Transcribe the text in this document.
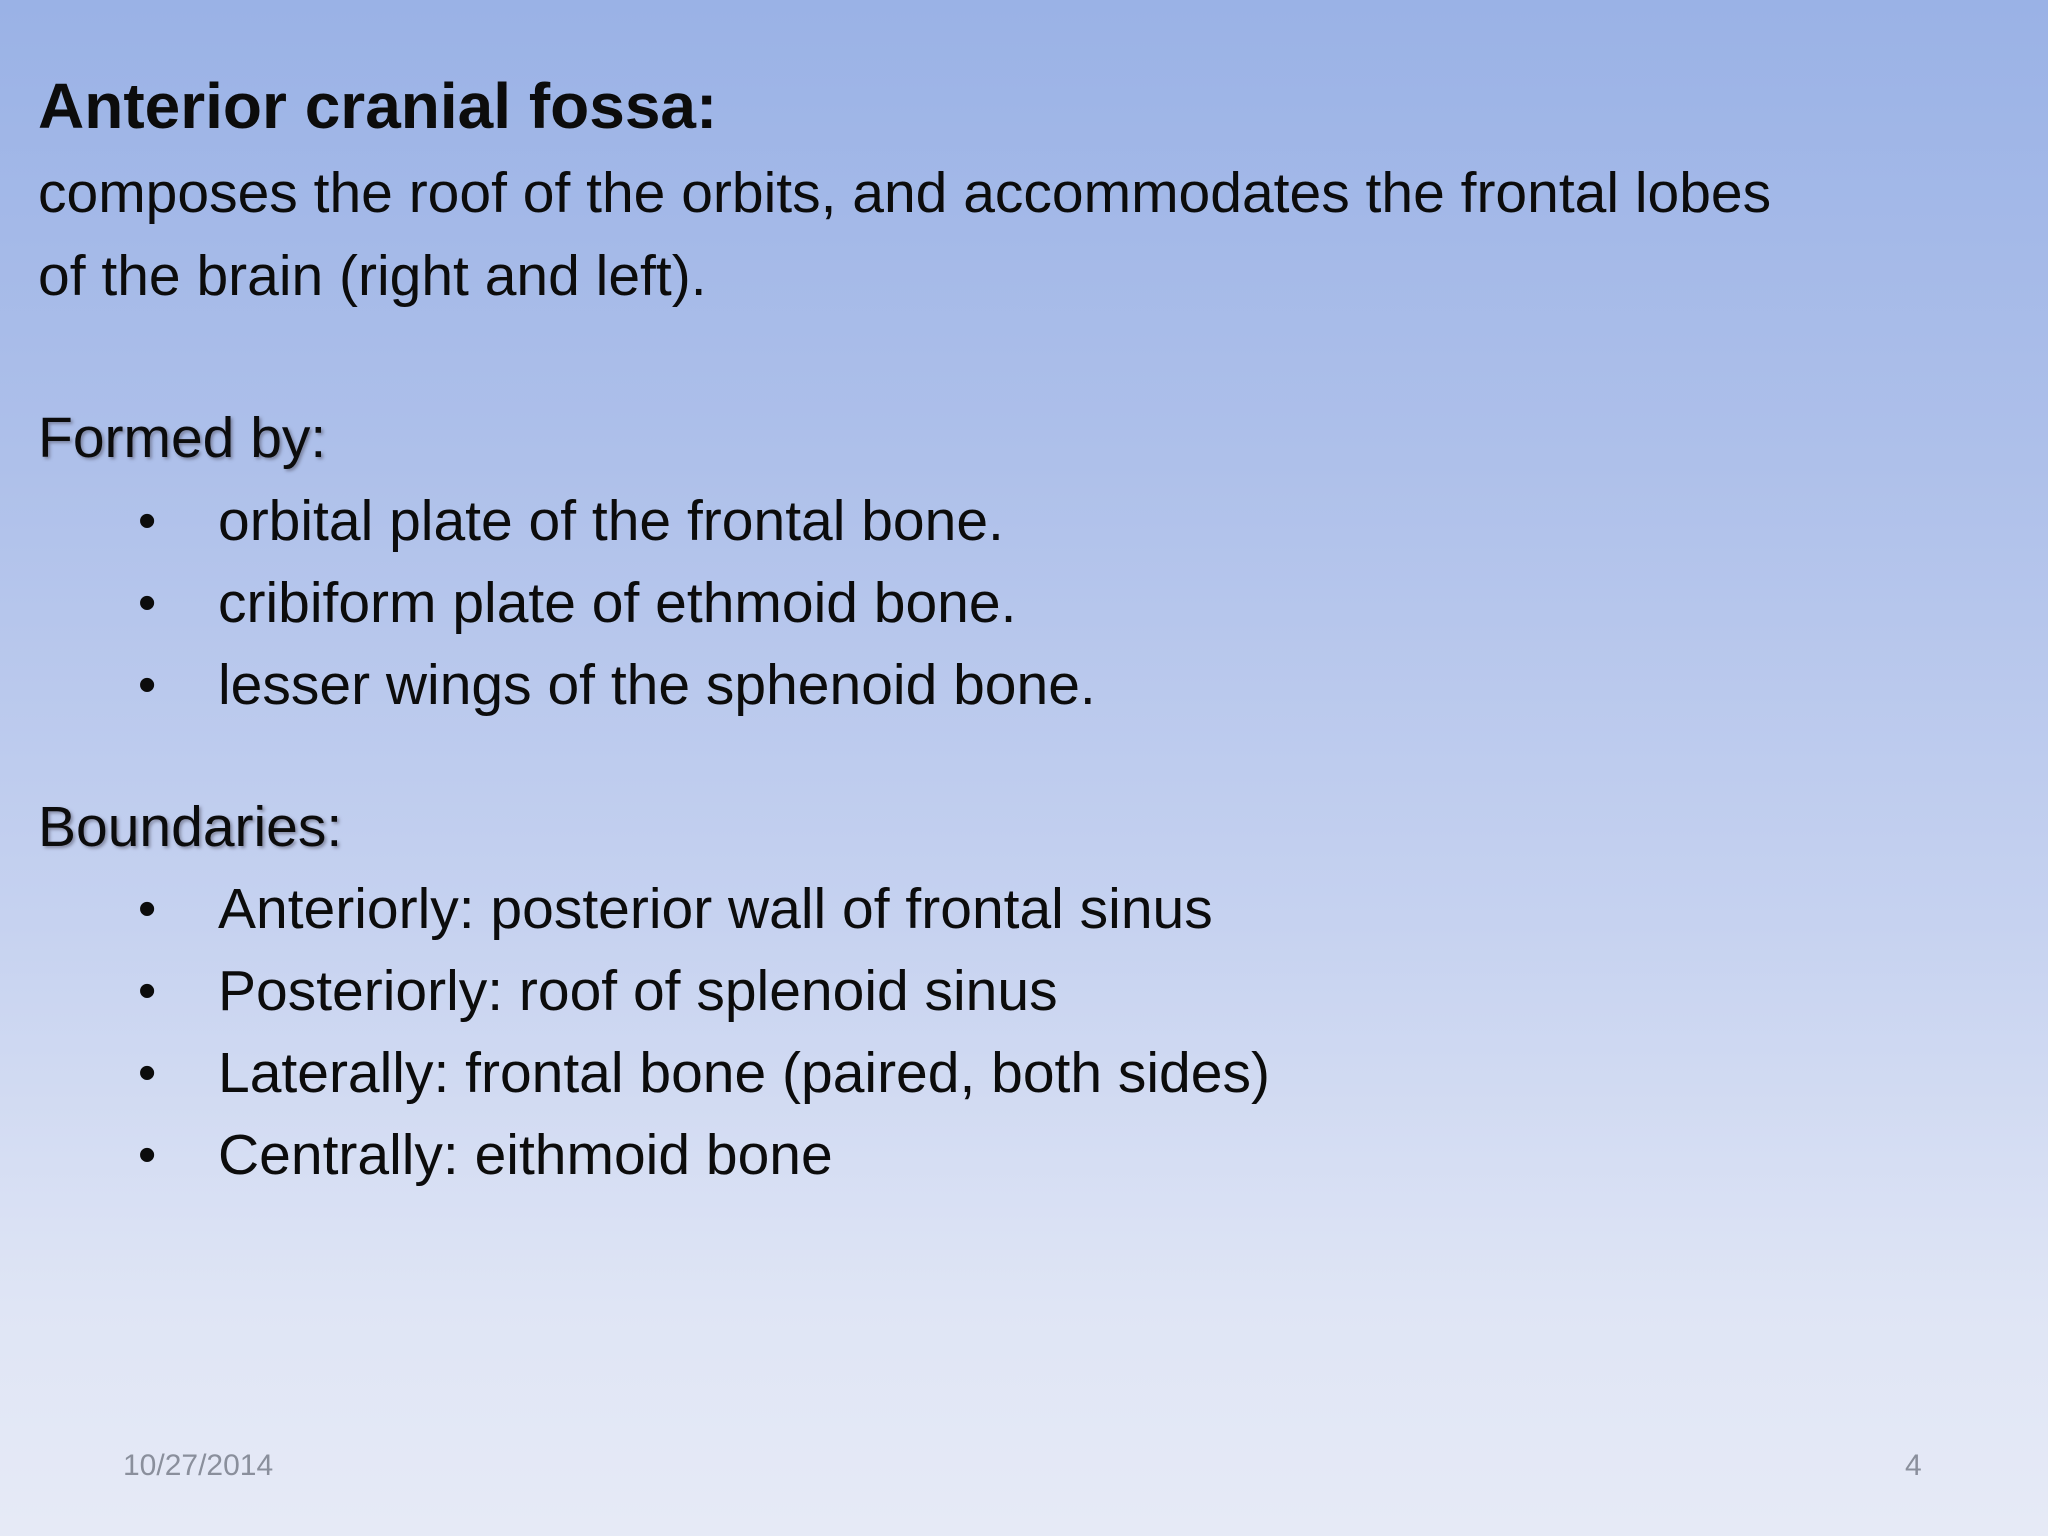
Anterior cranial fossa:
composes the roof of the orbits, and accommodates the frontal lobes
of the brain (right and left).
Formed by:
• orbital plate of the frontal bone.
• cribiform plate of ethmoid bone.
• lesser wings of the sphenoid bone.
Boundaries:
• Anteriorly: posterior wall of frontal sinus
• Posteriorly: roof of splenoid sinus
• Laterally: frontal bone (paired, both sides)
• Centrally: eithmoid bone
10/27/2014	4
